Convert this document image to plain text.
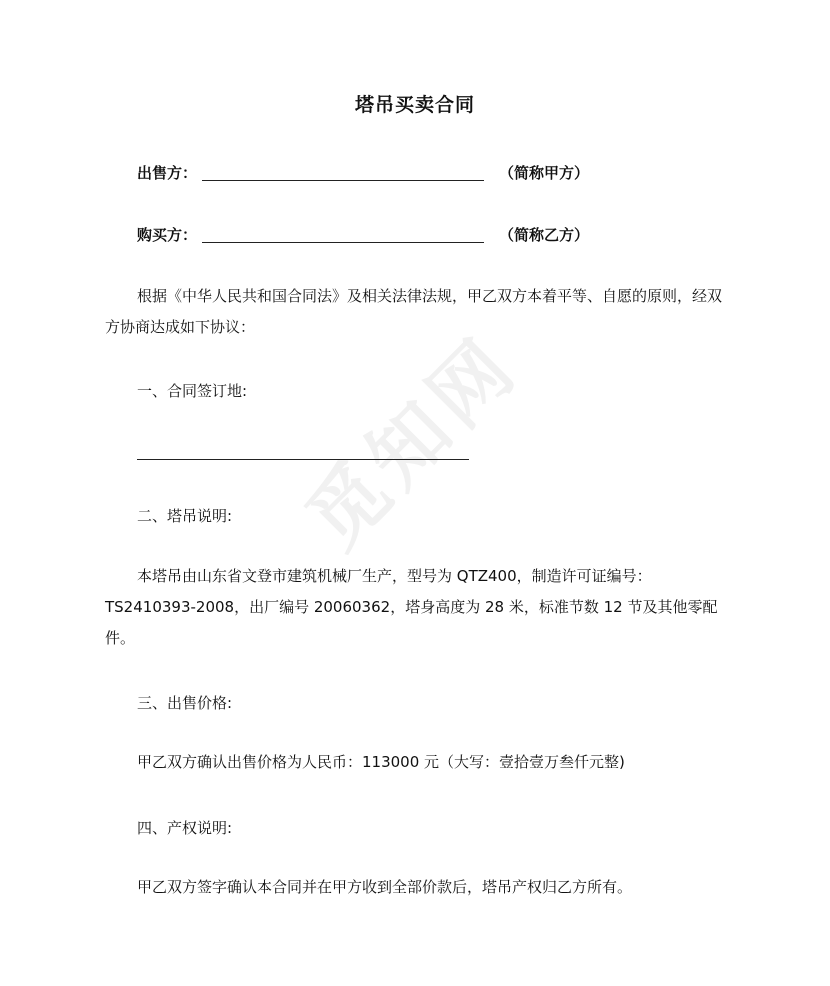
觅知网
塔吊买卖合同
出售方：	（简称甲方）
购买方：	（简称乙方）
根据《中华人民共和国合同法》及相关法律法规，甲乙双方本着平等、自愿的原则，经双方协商达成如下协议：
一、合同签订地:
二、塔吊说明:
本塔吊由山东省文登市建筑机械厂生产，型号为 QTZ400，制造许可证编号：TS2410393-2008，出厂编号 20060362，塔身高度为 28 米，标准节数 12 节及其他零配件。
三、出售价格:
甲乙双方确认出售价格为人民币：113000 元（大写：壹拾壹万叁仟元整)
四、产权说明:
甲乙双方签字确认本合同并在甲方收到全部价款后，塔吊产权归乙方所有。
